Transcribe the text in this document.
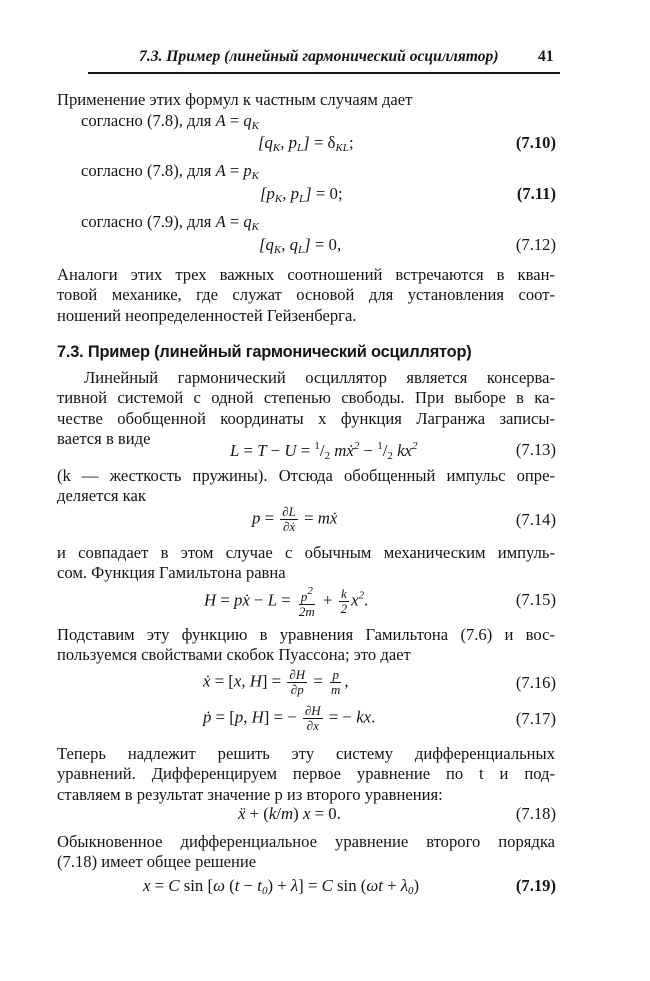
7.3. Пример (линейный гармонический осциллятор)	41
Применение этих формул к частным случаям дает
согласно (7.8), для $A = q_K$
[$q_K$, $p_L] = \delta_{KL}$;	(7.10)
согласно (7.8), для $A = p_K$
[$p_K$, $p_L] = 0$;	(7.11)
согласно (7.9), для $A = q_K$
[$q_K$, $q_L] = 0$,	(7.12)
Аналоги этих трех важных соотношений встречаются в кван-
товой механике, где служат основой для установления соот-
ношений неопределенностей Гейзенберга.
7.3. Пример (линейный гармонический осциллятор)
Линейный гармонический осциллятор является консерва-
тивной системой с одной степенью свободы. При выборе в ка-
честве обобщенной координаты x функция Лагранжа записы-
вается в виде
$L = T - U = ^1/_2$ mẋ$^2$ − $^1/_2$ $kx^2$	(7.13)
(k — жесткость пружины). Отсюда обобщенный импульс опре-
деляется как
$p = \frac{\partial L}{\text{∂ẋ}}$ = mẋ	(7.14)
и совпадает в этом случае с обычным механическим импуль-
сом. Функция Гамильтона равна
H = pẋ − $L = \frac{p^2}{2m} + \frac{k}{2} x^2$.	(7.15)
Подставим эту функцию в уравнения Гамильтона (7.6) и вос-
пользуемся свойствами скобок Пуассона; это дает
ẋ = [x, $H] = \frac{\partial H}{\partial p} = \frac{p}{m}$ ,	(7.16)
ṗ = [p, H] = − $\frac{\partial H}{\partial x}$ = − kx.	(7.17)
Теперь надлежит решить эту систему дифференциальных
уравнений. Дифференцируем первое уравнение по t и под-
ставляем в результат значение p из второго уравнения:
ẍ + (k/m) x = 0.	(7.18)
Обыкновенное дифференциальное уравнение второго порядка
(7.18) имеет общее решение
x = C sin [ω $(t - t_0) + \lambda] = C$ $\sin (\omega t + \lambda_0)$	(7.19)
